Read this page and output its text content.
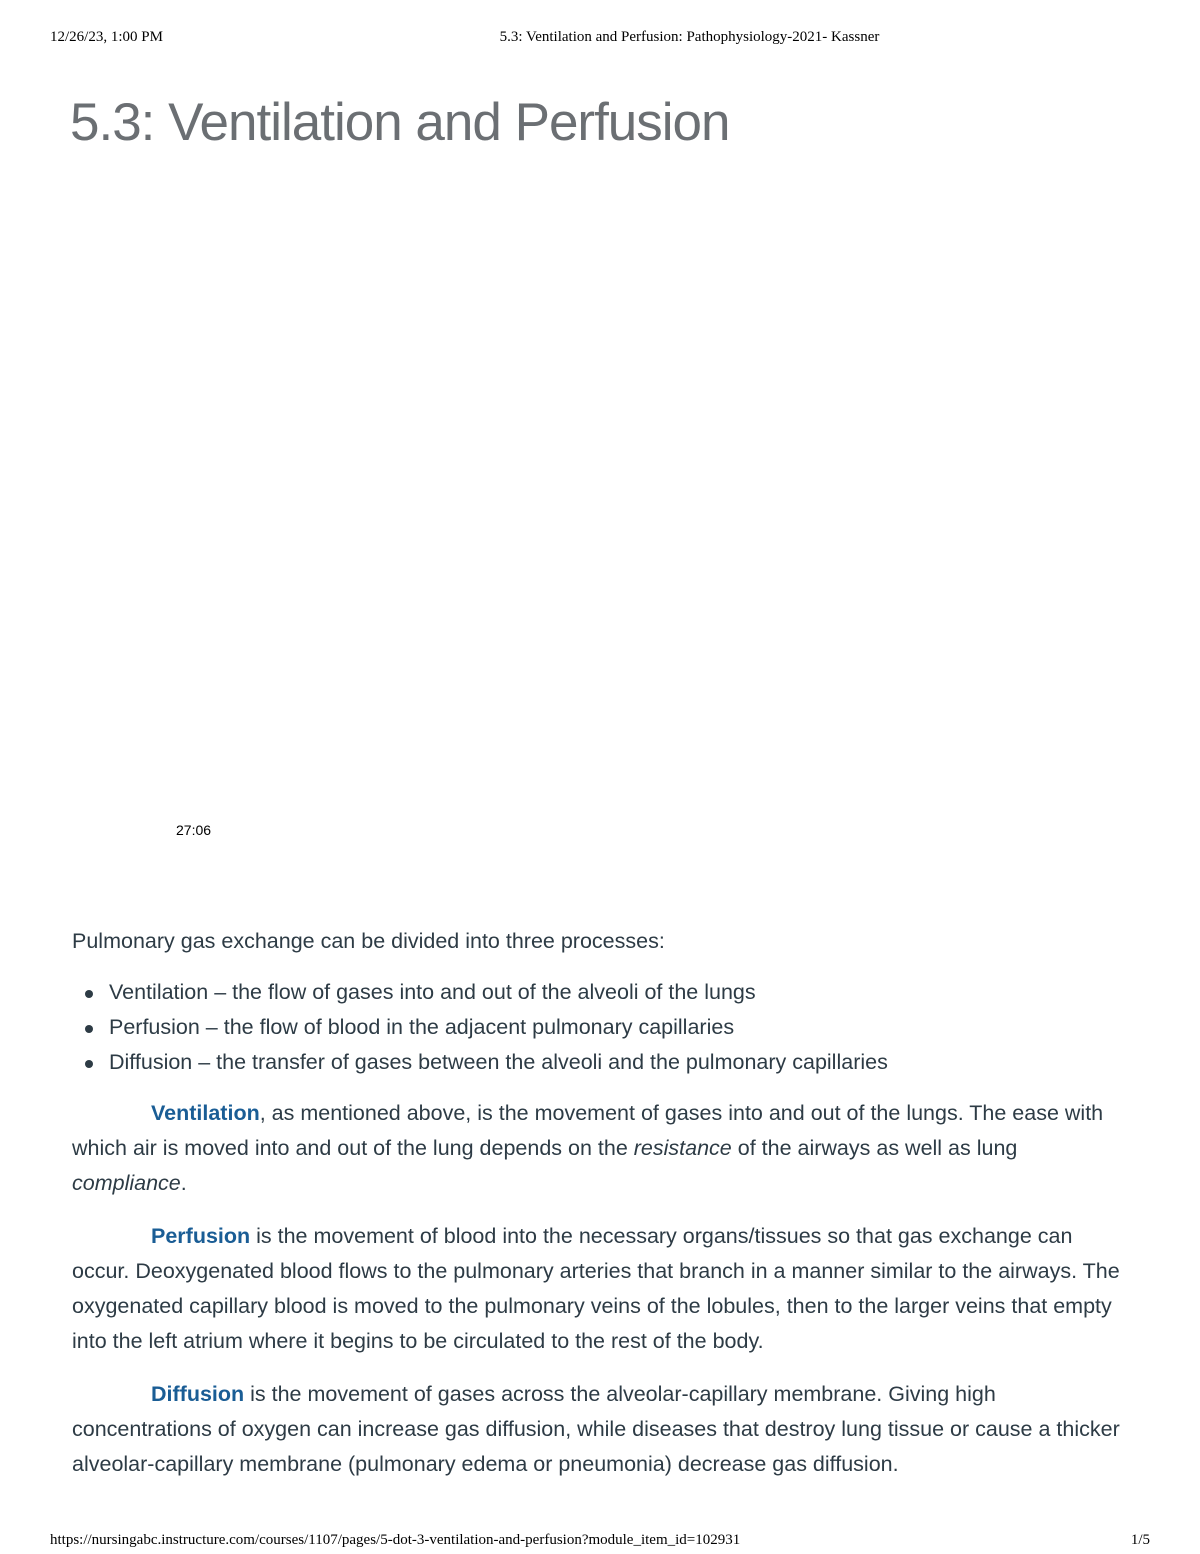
12/26/23, 1:00 PM	5.3: Ventilation and Perfusion: Pathophysiology-2021- Kassner
5.3: Ventilation and Perfusion
27:06

Pulmonary gas exchange can be divided into three processes:

Ventilation – the flow of gases into and out of the alveoli of the lungs
Perfusion – the flow of blood in the adjacent pulmonary capillaries
Diffusion – the transfer of gases between the alveoli and the pulmonary capillaries

Ventilation, as mentioned above, is the movement of gases into and out of the lungs. The ease with which air is moved into and out of the lung depends on the resistance of the airways as well as lung compliance.

Perfusion is the movement of blood into the necessary organs/tissues so that gas exchange can occur. Deoxygenated blood flows to the pulmonary arteries that branch in a manner similar to the airways. The oxygenated capillary blood is moved to the pulmonary veins of the lobules, then to the larger veins that empty into the left atrium where it begins to be circulated to the rest of the body.

Diffusion is the movement of gases across the alveolar-capillary membrane. Giving high concentrations of oxygen can increase gas diffusion, while diseases that destroy lung tissue or cause a thicker alveolar-capillary membrane (pulmonary edema or pneumonia) decrease gas diffusion.

https://nursingabc.instructure.com/courses/1107/pages/5-dot-3-ventilation-and-perfusion?module_item_id=102931	1/5
